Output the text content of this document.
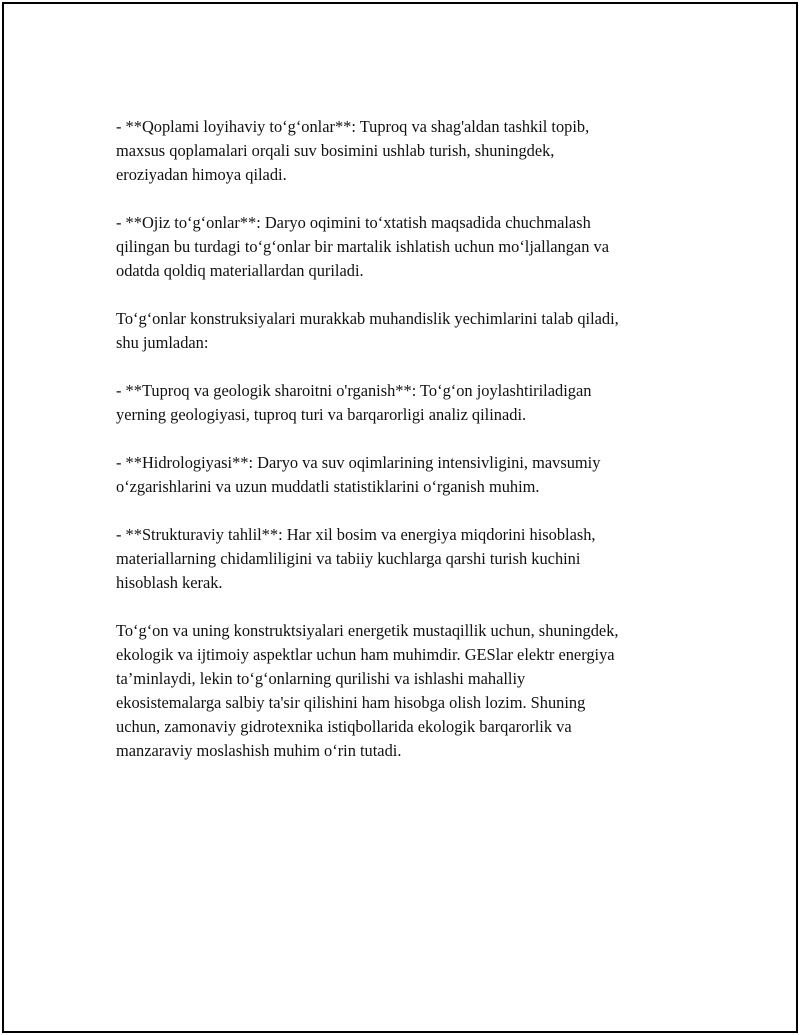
- **Qoplami loyihaviy to‘g‘onlar**: Tuproq va shag'aldan tashkil topib,
maxsus qoplamalari orqali suv bosimini ushlab turish, shuningdek,
eroziyadan himoya qiladi.

- **Ojiz to‘g‘onlar**: Daryo oqimini to‘xtatish maqsadida chuchmalash
qilingan bu turdagi to‘g‘onlar bir martalik ishlatish uchun mo‘ljallangan va
odatda qoldiq materiallardan quriladi.

To‘g‘onlar konstruksiyalari murakkab muhandislik yechimlarini talab qiladi,
shu jumladan:

- **Tuproq va geologik sharoitni o'rganish**: To‘g‘on joylashtiriladigan
yerning geologiyasi, tuproq turi va barqarorligi analiz qilinadi.

- **Hidrologiyasi**: Daryo va suv oqimlarining intensivligini, mavsumiy
o‘zgarishlarini va uzun muddatli statistiklarini o‘rganish muhim.

- **Strukturaviy tahlil**: Har xil bosim va energiya miqdorini hisoblash,
materiallarning chidamliligini va tabiiy kuchlarga qarshi turish kuchini
hisoblash kerak.

To‘g‘on va uning konstruktsiyalari energetik mustaqillik uchun, shuningdek,
ekologik va ijtimoiy aspektlar uchun ham muhimdir. GESlar elektr energiya
ta’minlaydi, lekin to‘g‘onlarning qurilishi va ishlashi mahalliy
ekosistemalarga salbiy ta'sir qilishini ham hisobga olish lozim. Shuning
uchun, zamonaviy gidrotexnika istiqbollarida ekologik barqarorlik va
manzaraviy moslashish muhim o‘rin tutadi.
